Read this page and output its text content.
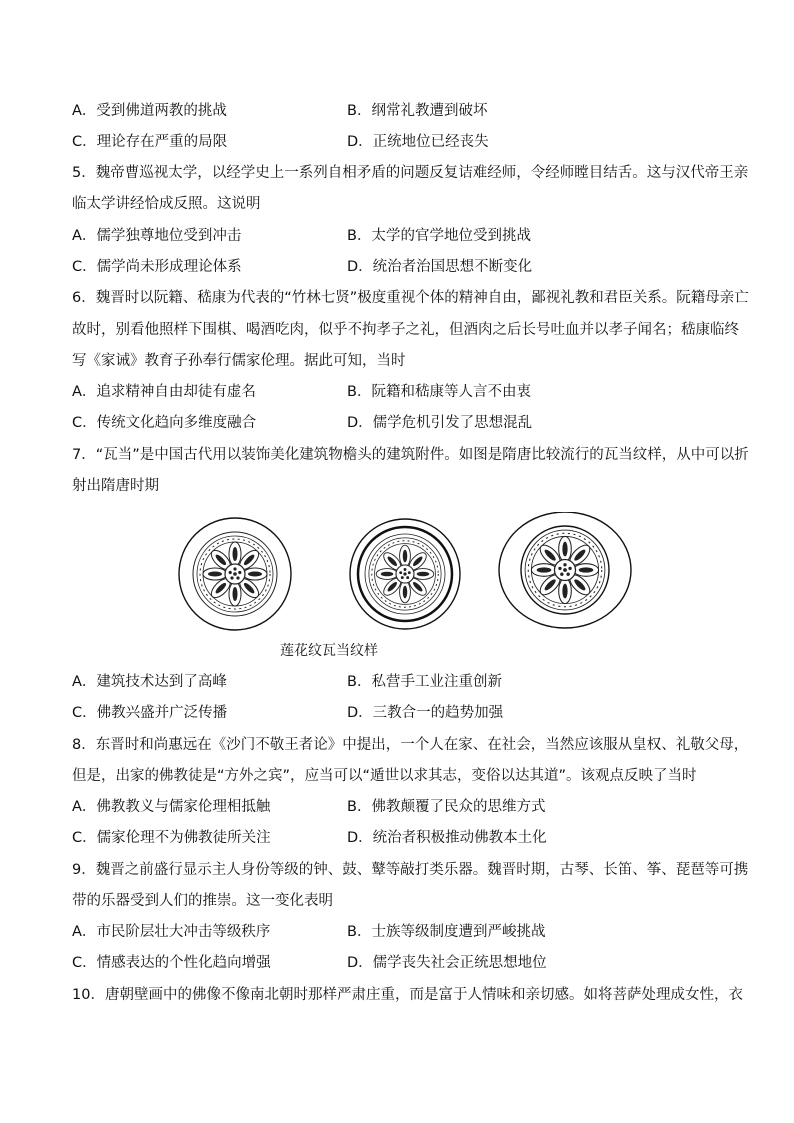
A．受到佛道两教的挑战	B．纲常礼教遭到破坏
C．理论存在严重的局限	D．正统地位已经丧失
5．魏帝曹巡视太学，以经学史上一系列自相矛盾的问题反复诘难经师，令经师瞠目结舌。这与汉代帝王亲
临太学讲经恰成反照。这说明
A．儒学独尊地位受到冲击	B．太学的官学地位受到挑战
C．儒学尚未形成理论体系	D．统治者治国思想不断变化
6．魏晋时以阮籍、嵇康为代表的“竹林七贤”极度重视个体的精神自由，鄙视礼教和君臣关系。阮籍母亲亡
故时，别看他照样下围棋、喝酒吃肉，似乎不拘孝子之礼，但酒肉之后长号吐血并以孝子闻名；嵇康临终
写《家诫》教育子孙奉行儒家伦理。据此可知，当时
A．追求精神自由却徒有虚名	B．阮籍和嵇康等人言不由衷
C．传统文化趋向多维度融合	D．儒学危机引发了思想混乱
7．“瓦当”是中国古代用以装饰美化建筑物檐头的建筑附件。如图是隋唐比较流行的瓦当纹样，从中可以折
射出隋唐时期
莲花纹瓦当纹样
A．建筑技术达到了高峰	B．私营手工业注重创新
C．佛教兴盛并广泛传播	D．三教合一的趋势加强
8．东晋时和尚惠远在《沙门不敬王者论》中提出，一个人在家、在社会，当然应该服从皇权、礼敬父母，
但是，出家的佛教徒是“方外之宾”，应当可以“遁世以求其志，变俗以达其道”。该观点反映了当时
A．佛教教义与儒家伦理相抵触	B．佛教颠覆了民众的思维方式
C．儒家伦理不为佛教徒所关注	D．统治者积极推动佛教本土化
9．魏晋之前盛行显示主人身份等级的钟、鼓、鼙等敲打类乐器。魏晋时期，古琴、长笛、筝、琵琶等可携
带的乐器受到人们的推崇。这一变化表明
A．市民阶层壮大冲击等级秩序	B．士族等级制度遭到严峻挑战
C．情感表达的个性化趋向增强	D．儒学丧失社会正统思想地位
10．唐朝壁画中的佛像不像南北朝时那样严肃庄重，而是富于人情味和亲切感。如将菩萨处理成女性，衣
